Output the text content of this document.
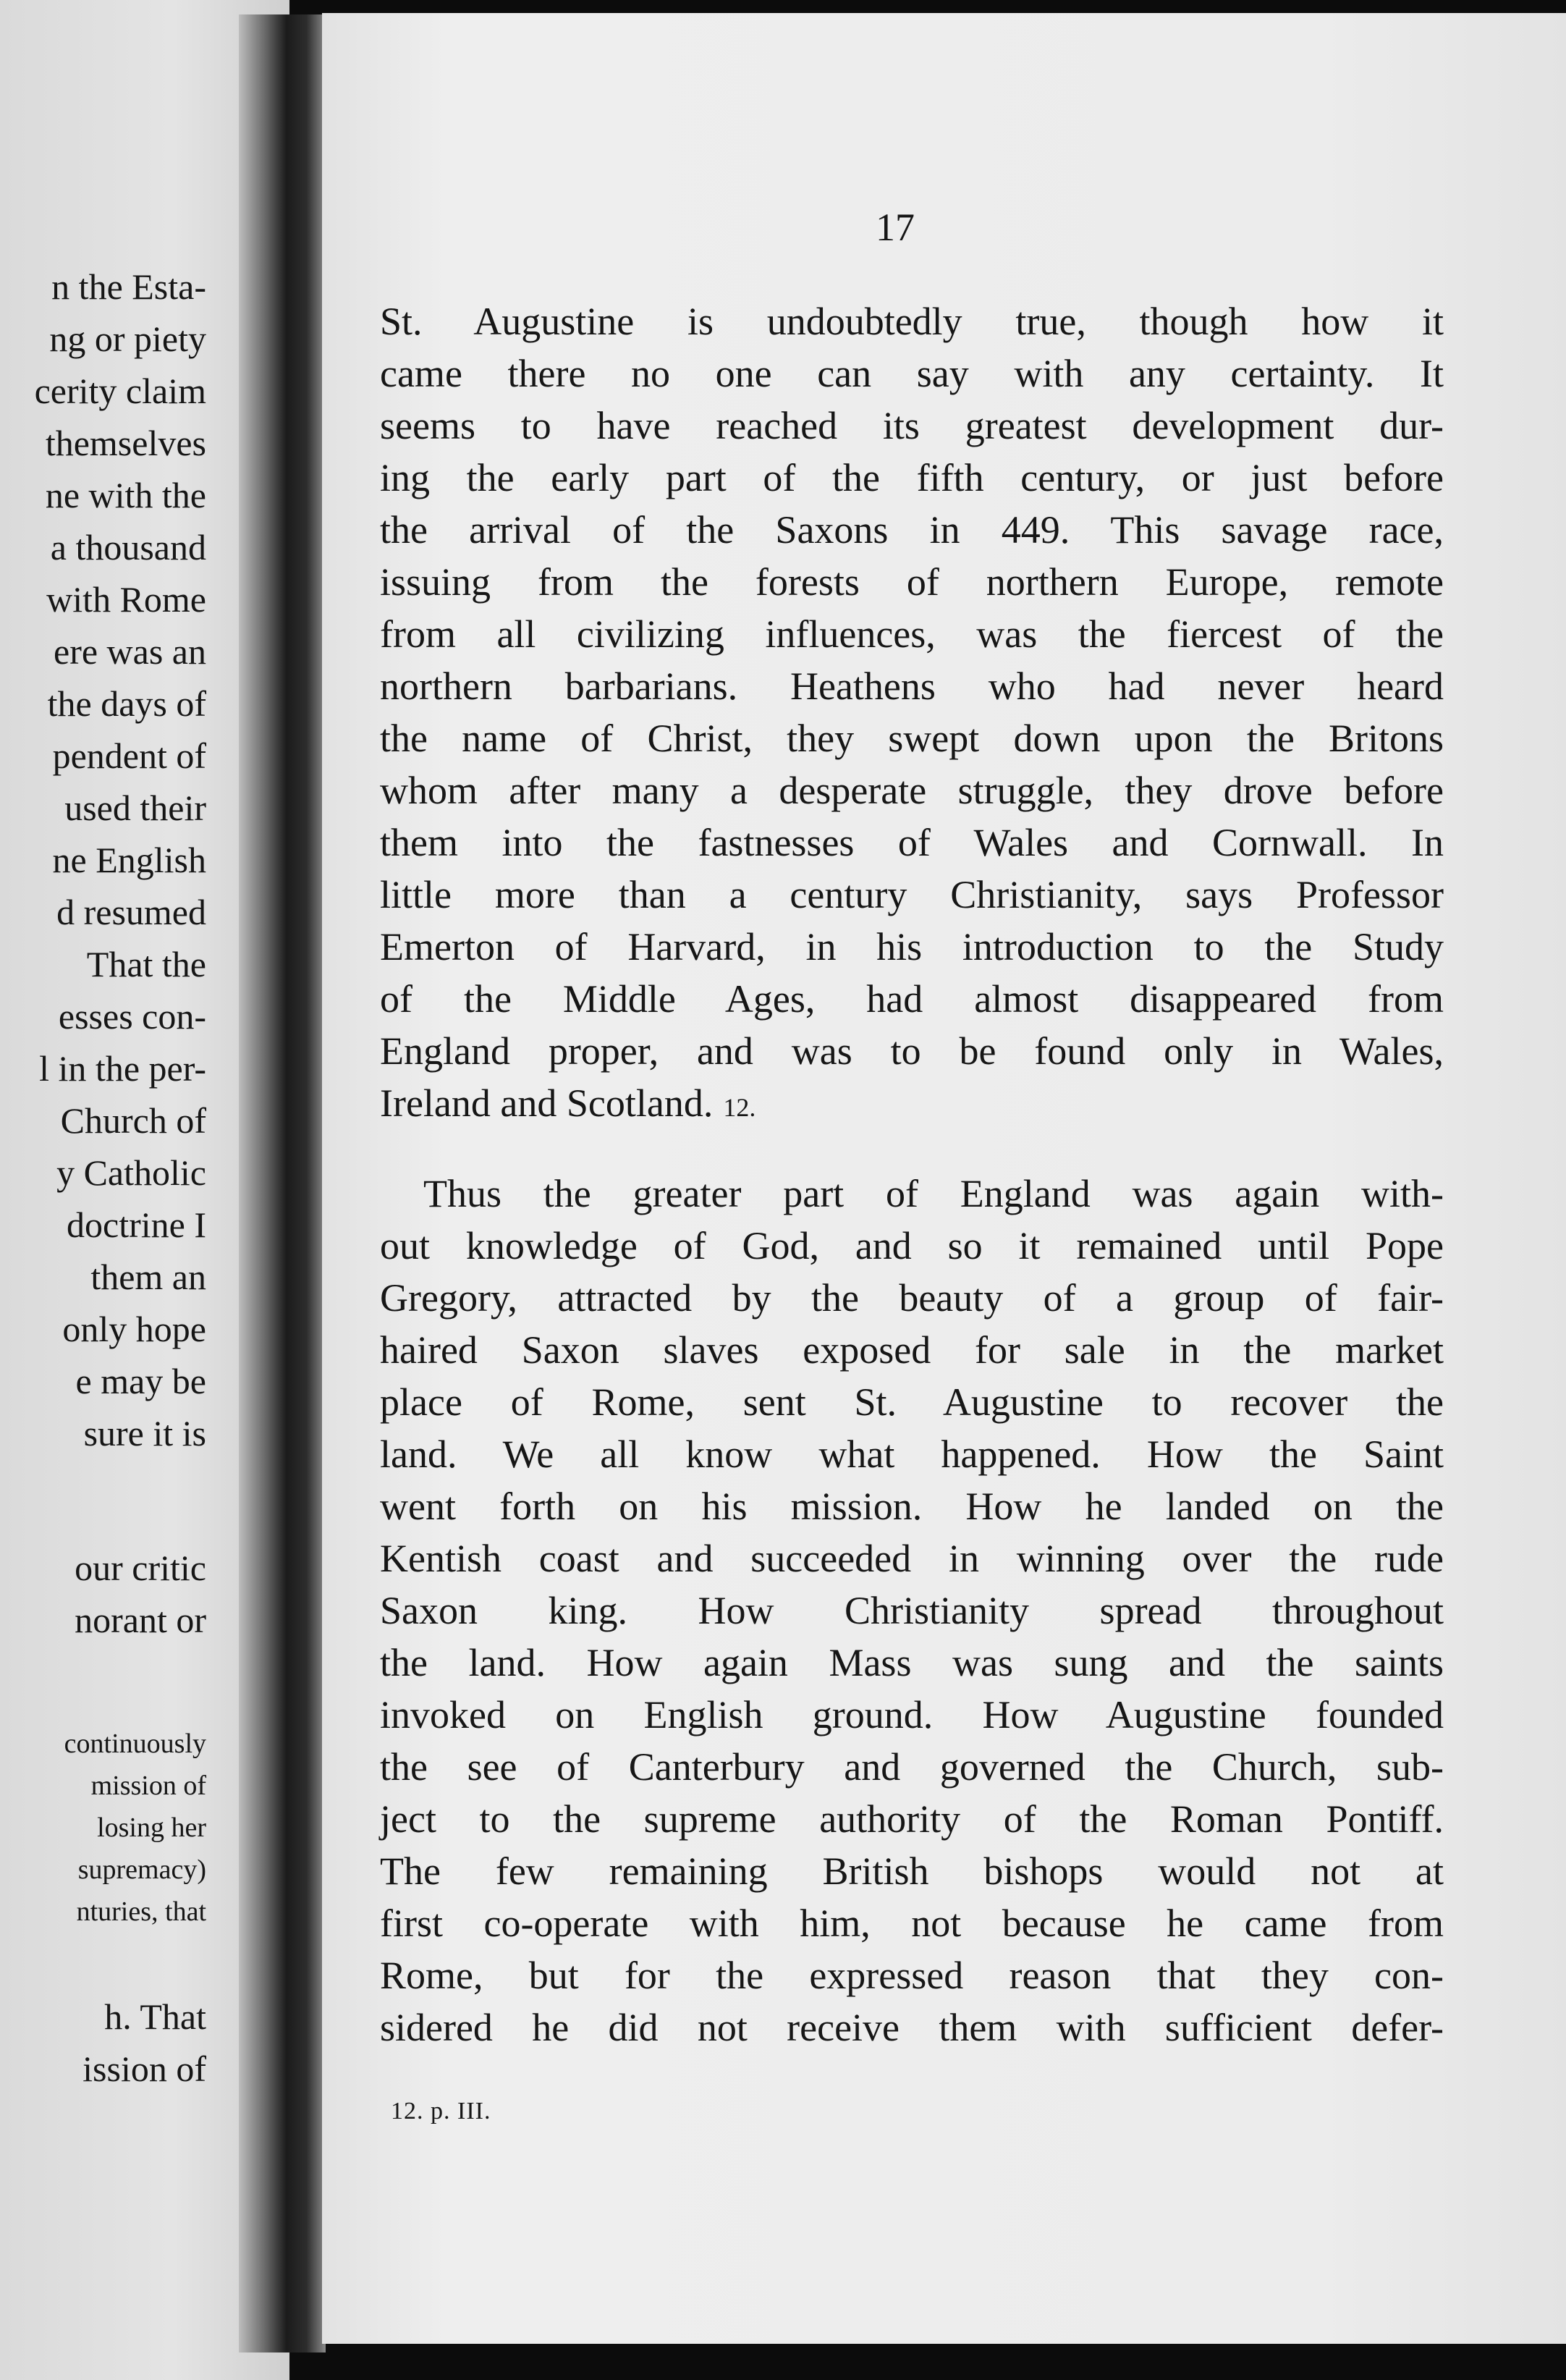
n the Esta-
ng or piety
cerity claim
themselves
ne with the
a thousand
with Rome
ere was an
the days of
pendent of
used their
ne English
d resumed
That the
esses con-
l in the per-
Church of
y Catholic
doctrine I
them an
only hope
e may be
sure it is
our critic
norant or
continuously
mission of
losing her
supremacy)
nturies, that
h. That
ission of
17
St. Augustine is undoubtedly true, though how it
came there no one can say with any certainty. It
seems to have reached its greatest development dur-
ing the early part of the fifth century, or just before
the arrival of the Saxons in 449. This savage race,
issuing from the forests of northern Europe, remote
from all civilizing influences, was the fiercest of the
northern barbarians. Heathens who had never heard
the name of Christ, they swept down upon the Britons
whom after many a desperate struggle, they drove before
them into the fastnesses of Wales and Cornwall. In
little more than a century Christianity, says Professor
Emerton of Harvard, in his introduction to the Study
of the Middle Ages, had almost disappeared from
England proper, and was to be found only in Wales,
Ireland and Scotland. 12.
Thus the greater part of England was again with-
out knowledge of God, and so it remained until Pope
Gregory, attracted by the beauty of a group of fair-
haired Saxon slaves exposed for sale in the market
place of Rome, sent St. Augustine to recover the
land. We all know what happened. How the Saint
went forth on his mission. How he landed on the
Kentish coast and succeeded in winning over the rude
Saxon king. How Christianity spread throughout
the land. How again Mass was sung and the saints
invoked on English ground. How Augustine founded
the see of Canterbury and governed the Church, sub-
ject to the supreme authority of the Roman Pontiff.
The few remaining British bishops would not at
first co-operate with him, not because he came from
Rome, but for the expressed reason that they con-
sidered he did not receive them with sufficient defer-
12. p. III.
